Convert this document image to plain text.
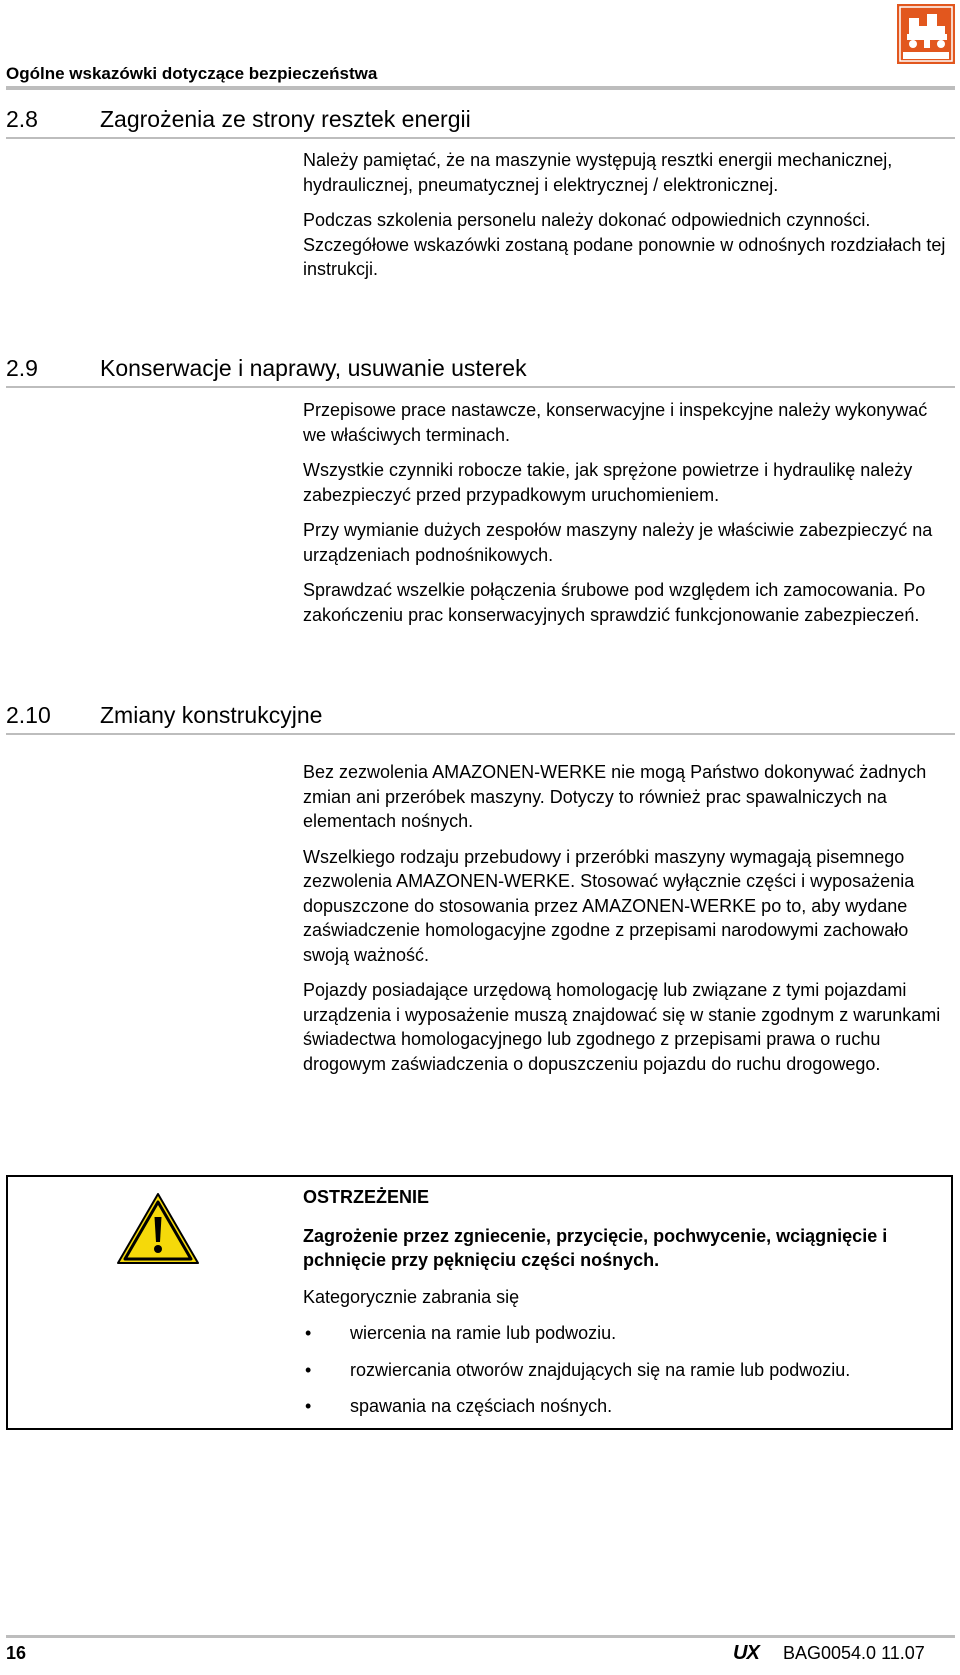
Ogólne wskazówki dotyczące bezpieczeństwa
2.8	Zagrożenia ze strony resztek energii

Należy pamiętać, że na maszynie występują resztki energii mechanicznej, hydraulicznej, pneumatycznej i elektrycznej / elektronicznej.

Podczas szkolenia personelu należy dokonać odpowiednich czynności. Szczegółowe wskazówki zostaną podane ponownie w odnośnych rozdziałach tej instrukcji.

2.9	Konserwacje i naprawy, usuwanie usterek

Przepisowe prace nastawcze, konserwacyjne i inspekcyjne należy wykonywać we właściwych terminach.

Wszystkie czynniki robocze takie, jak sprężone powietrze i hydraulikę należy zabezpieczyć przed przypadkowym uruchomieniem.

Przy wymianie dużych zespołów maszyny należy je właściwie zabezpieczyć na urządzeniach podnośnikowych.

Sprawdzać wszelkie połączenia śrubowe pod względem ich zamocowania. Po zakończeniu prac konserwacyjnych sprawdzić funkcjonowanie zabezpieczeń.

2.10 Zmiany konstrukcyjne

Bez zezwolenia AMAZONEN-WERKE nie mogą Państwo dokonywać żadnych zmian ani przeróbek maszyny. Dotyczy to również prac spawalniczych na elementach nośnych.

Wszelkiego rodzaju przebudowy i przeróbki maszyny wymagają pisemnego zezwolenia AMAZONEN-WERKE. Stosować wyłącznie części i wyposażenia dopuszczone do stosowania przez AMAZONEN-WERKE po to, aby wydane zaświadczenie homologacyjne zgodne z przepisami narodowymi zachowało swoją ważność.

Pojazdy posiadające urzędową homologację lub związane z tymi pojazdami urządzenia i wyposażenie muszą znajdować się w stanie zgodnym z warunkami świadectwa homologacyjnego lub zgodnego z przepisami prawa o ruchu drogowym zaświadczenia o dopuszczeniu pojazdu do ruchu drogowego.

OSTRZEŻENIE

Zagrożenie przez zgniecenie, przycięcie, pochwycenie, wciągnięcie i pchnięcie przy pęknięciu części nośnych.

Kategorycznie zabrania się

• wiercenia na ramie lub podwoziu.
• rozwiercania otworów znajdujących się na ramie lub podwoziu.
• spawania na częściach nośnych.
16	UX BAG0054.0 11.07
